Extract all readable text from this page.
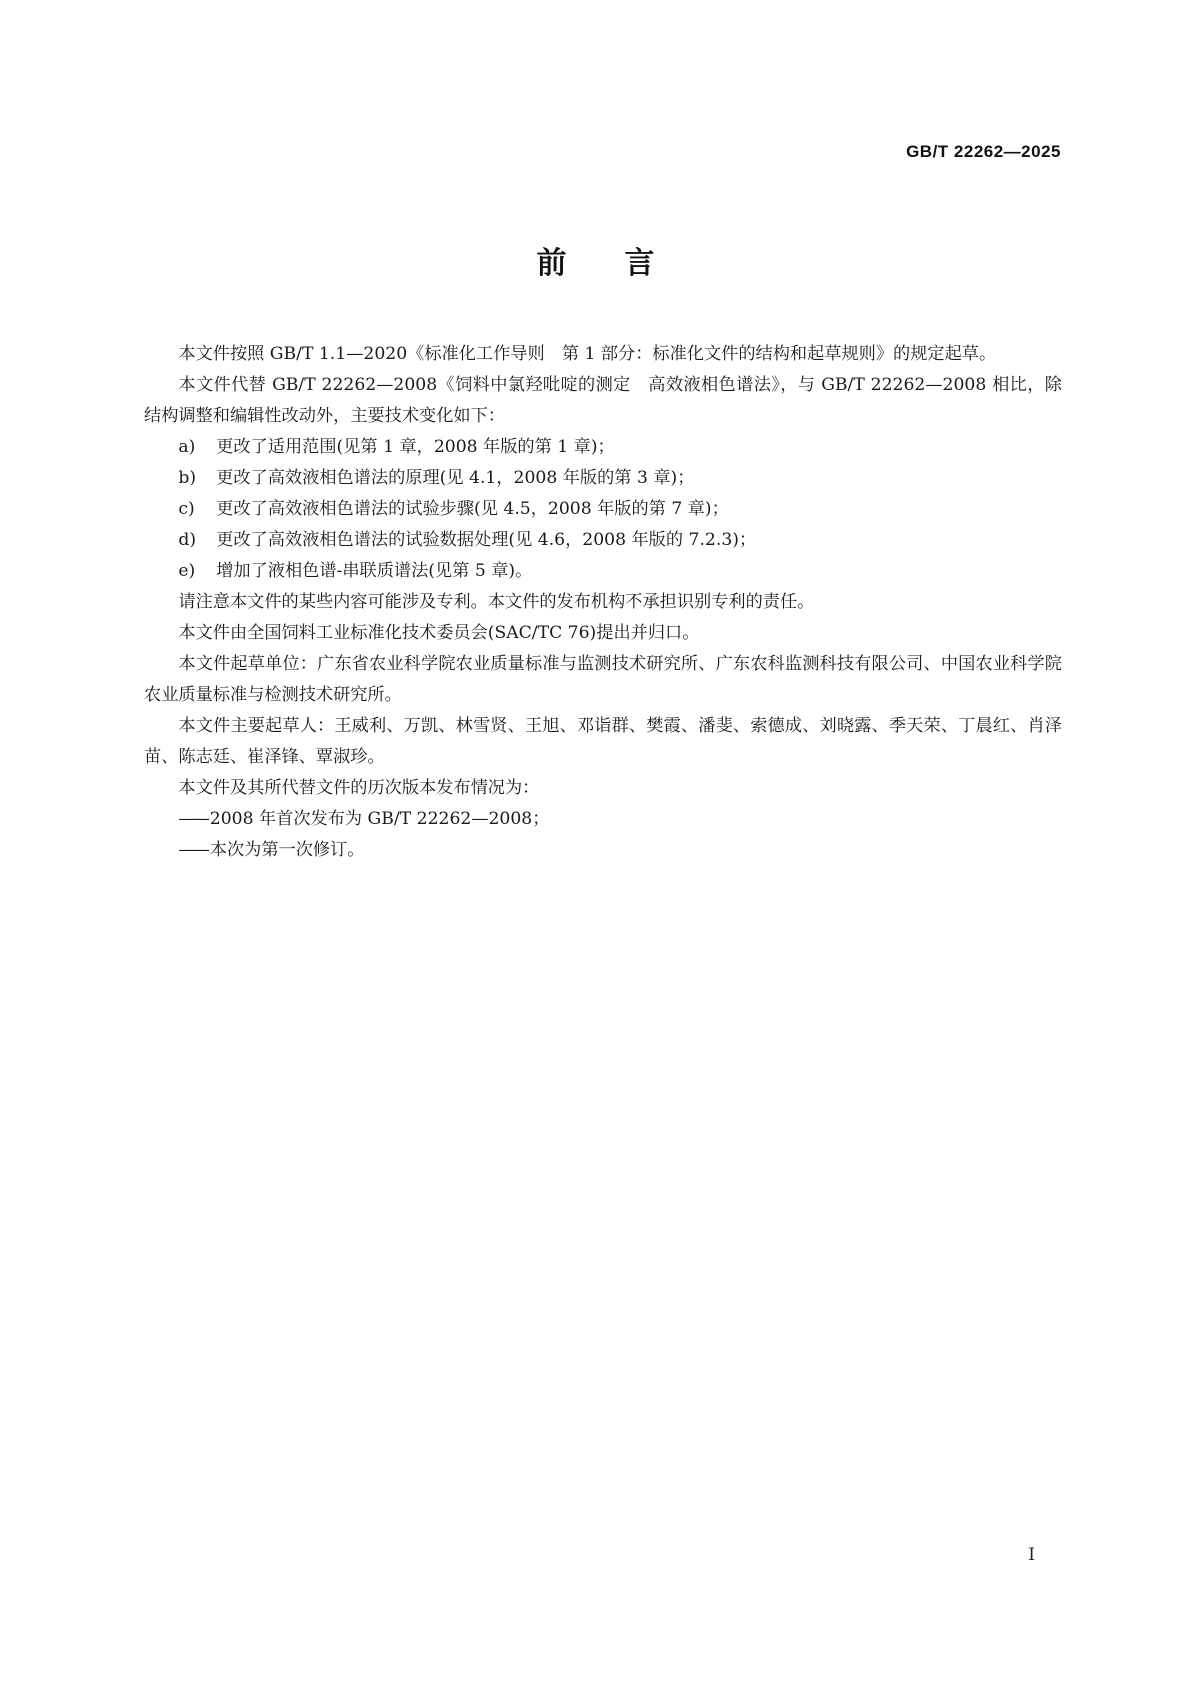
GB/T 22262—2025
前言

本文件按照 GB/T 1.1—2020《标准化工作导则　第 1 部分：标准化文件的结构和起草规则》的规定起草。

本文件代替 GB/T 22262—2008《饲料中氯羟吡啶的测定　高效液相色谱法》，与 GB/T 22262—2008 相比，除结构调整和编辑性改动外，主要技术变化如下：

a) 更改了适用范围(见第 1 章，2008 年版的第 1 章)；

b) 更改了高效液相色谱法的原理(见 4.1，2008 年版的第 3 章)；

c) 更改了高效液相色谱法的试验步骤(见 4.5，2008 年版的第 7 章)；

d) 更改了高效液相色谱法的试验数据处理(见 4.6，2008 年版的 7.2.3)；

e) 增加了液相色谱-串联质谱法(见第 5 章)。

请注意本文件的某些内容可能涉及专利。本文件的发布机构不承担识别专利的责任。

本文件由全国饲料工业标准化技术委员会(SAC/TC 76)提出并归口。

本文件起草单位：广东省农业科学院农业质量标准与监测技术研究所、广东农科监测科技有限公司、中国农业科学院农业质量标准与检测技术研究所。

本文件主要起草人：王威利、万凯、林雪贤、王旭、邓诣群、樊霞、潘斐、索德成、刘晓露、季天荣、丁晨红、肖泽苗、陈志廷、崔泽锋、覃淑珍。

本文件及其所代替文件的历次版本发布情况为：

—— 2008 年首次发布为 GB/T 22262—2008；

—— 本次为第一次修订。

Ⅰ
